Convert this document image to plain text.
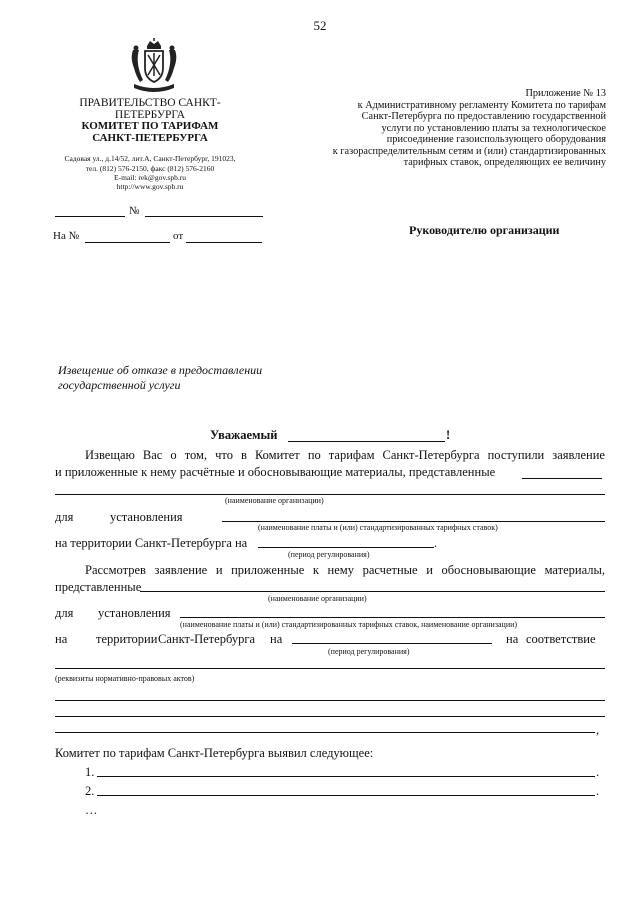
52
ПРАВИТЕЛЬСТВО САНКТ-ПЕТЕРБУРГА
КОМИТЕТ ПО ТАРИФАМ
САНКТ-ПЕТЕРБУРГА
Садовая ул., д.14/52, лит.А, Санкт-Петербург, 191023,
тел. (812) 576-2150, факс (812) 576-2160
E-mail: rek@gov.spb.ru
http://www.gov.spb.ru
№
На №	от
Приложение № 13
к Административному регламенту Комитета по тарифам
Санкт-Петербурга по предоставлению государственной
услуги по установлению платы за технологическое
присоединение газоиспользующего оборудования
к газораспределительным сетям и (или) стандартизированных
тарифных ставок, определяющих ее величину
Руководителю организации
Извещение об отказе в предоставлении
государственной услуги
Уважаемый	!
Извещаю Вас о том, что в Комитет по тарифам Санкт-Петербурга поступили заявление
и приложенные к нему расчётные и обосновывающие материалы, представленные
(наименование организации)
для	установления
(наименование платы и (или) стандартизированных тарифных ставок)
на территории Санкт-Петербурга на	.
(период регулирования)
Рассмотрев заявление и приложенные к нему расчетные и обосновывающие материалы,
представленные
(наименование организации)
для установления
(наименование платы и (или) стандартизированных тарифных ставок, наименование организации)
на территории Санкт-Петербурга на	на соответствие
(период регулирования)
(реквизиты нормативно-правовых актов)
,
Комитет по тарифам Санкт-Петербурга выявил следующее:
1.	.
2.	.
…
